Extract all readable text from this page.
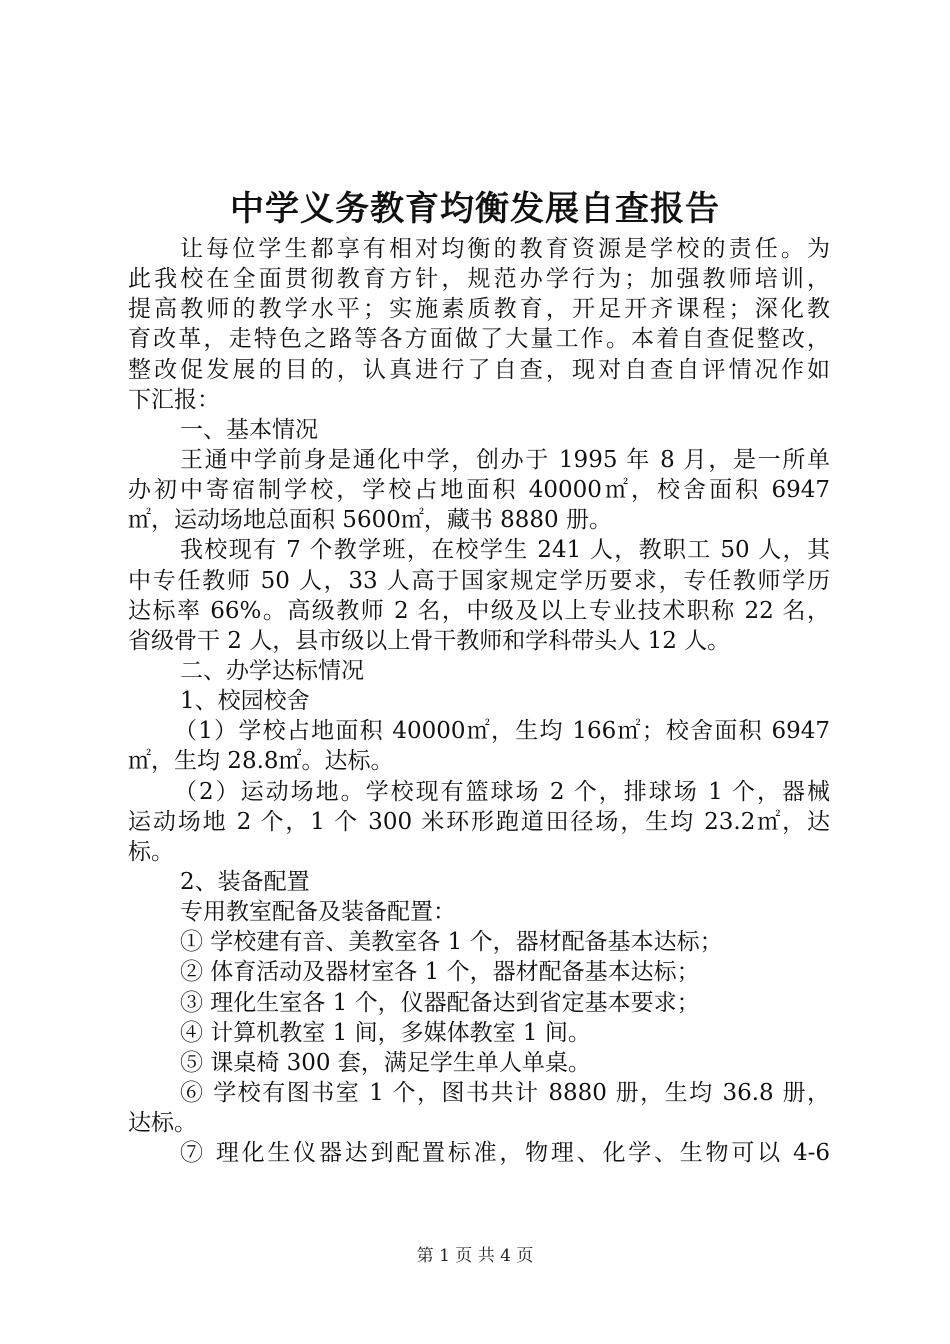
中学义务教育均衡发展自查报告
让每位学生都享有相对均衡的教育资源是学校的责任。为
此我校在全面贯彻教育方针，规范办学行为；加强教师培训，
提高教师的教学水平；实施素质教育，开足开齐课程；深化教
育改革，走特色之路等各方面做了大量工作。本着自查促整改，
整改促发展的目的，认真进行了自查，现对自查自评情况作如
下汇报：
一、基本情况
王通中学前身是通化中学，创办于 1995 年 8 月，是一所单
办初中寄宿制学校，学校占地面积 40000㎡，校舍面积 6947
㎡，运动场地总面积 5600㎡，藏书 8880 册。
我校现有 7 个教学班，在校学生 241 人，教职工 50 人，其
中专任教师 50 人，33 人高于国家规定学历要求，专任教师学历
达标率 66%。高级教师 2 名，中级及以上专业技术职称 22 名，
省级骨干 2 人，县市级以上骨干教师和学科带头人 12 人。
二、办学达标情况
1、校园校舍
（1）学校占地面积 40000㎡，生均 166㎡；校舍面积 6947
㎡，生均 28.8㎡。达标。
（2）运动场地。学校现有篮球场 2 个，排球场 1 个，器械
运动场地 2 个，1 个 300 米环形跑道田径场，生均 23.2㎡，达
标。
2、装备配置
专用教室配备及装备配置：
① 学校建有音、美教室各 1 个，器材配备基本达标；
② 体育活动及器材室各 1 个，器材配备基本达标；
③ 理化生室各 1 个，仪器配备达到省定基本要求；
④ 计算机教室 1 间，多媒体教室 1 间。
⑤ 课桌椅 300 套，满足学生单人单桌。
⑥ 学校有图书室 1 个，图书共计 8880 册，生均 36.8 册，
达标。
⑦ 理化生仪器达到配置标准，物理、化学、生物可以 4-6
第 1 页 共 4 页
